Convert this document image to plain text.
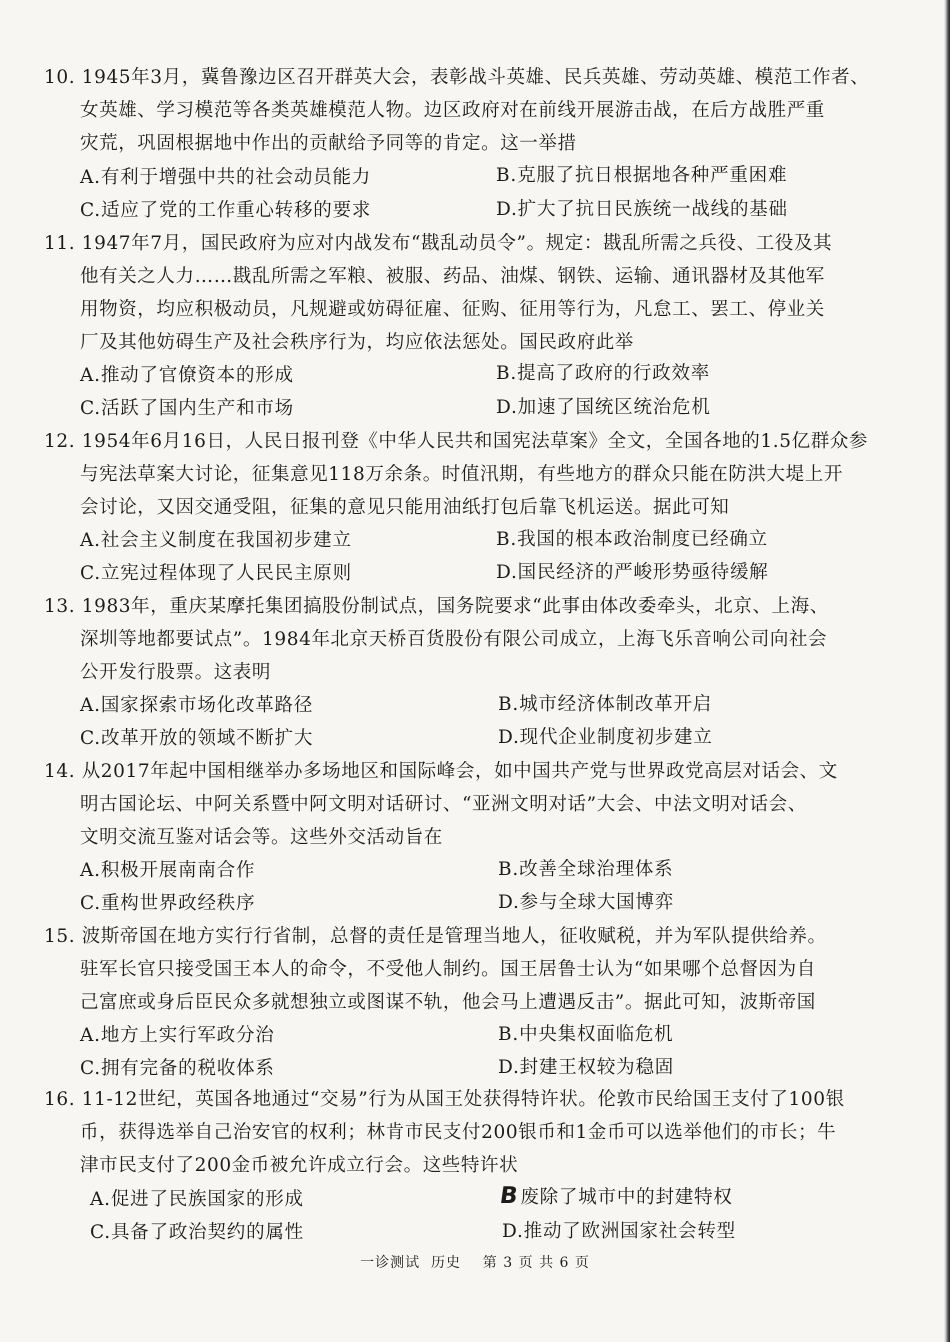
10. 1945年3月，冀鲁豫边区召开群英大会，表彰战斗英雄、民兵英雄、劳动英雄、模范工作者、
女英雄、学习模范等各类英雄模范人物。边区政府对在前线开展游击战，在后方战胜严重
灾荒，巩固根据地中作出的贡献给予同等的肯定。这一举措
A.有利于增强中共的社会动员能力	B.克服了抗日根据地各种严重困难
C.适应了党的工作重心转移的要求	D.扩大了抗日民族统一战线的基础
11. 1947年7月，国民政府为应对内战发布“戡乱动员令”。规定：戡乱所需之兵役、工役及其
他有关之人力……戡乱所需之军粮、被服、药品、油煤、钢铁、运输、通讯器材及其他军
用物资，均应积极动员，凡规避或妨碍征雇、征购、征用等行为，凡怠工、罢工、停业关
厂及其他妨碍生产及社会秩序行为，均应依法惩处。国民政府此举
A.推动了官僚资本的形成	B.提高了政府的行政效率
C.活跃了国内生产和市场	D.加速了国统区统治危机
12. 1954年6月16日，人民日报刊登《中华人民共和国宪法草案》全文，全国各地的1.5亿群众参
与宪法草案大讨论，征集意见118万余条。时值汛期，有些地方的群众只能在防洪大堤上开
会讨论，又因交通受阻，征集的意见只能用油纸打包后靠飞机运送。据此可知
A.社会主义制度在我国初步建立	B.我国的根本政治制度已经确立
C.立宪过程体现了人民民主原则	D.国民经济的严峻形势亟待缓解
13. 1983年，重庆某摩托集团搞股份制试点，国务院要求“此事由体改委牵头，北京、上海、
深圳等地都要试点”。1984年北京天桥百货股份有限公司成立，上海飞乐音响公司向社会
公开发行股票。这表明
A.国家探索市场化改革路径	B.城市经济体制改革开启
C.改革开放的领域不断扩大	D.现代企业制度初步建立
14. 从2017年起中国相继举办多场地区和国际峰会，如中国共产党与世界政党高层对话会、文
明古国论坛、中阿关系暨中阿文明对话研讨、“亚洲文明对话”大会、中法文明对话会、
文明交流互鉴对话会等。这些外交活动旨在
A.积极开展南南合作	B.改善全球治理体系
C.重构世界政经秩序	D.参与全球大国博弈
15. 波斯帝国在地方实行行省制，总督的责任是管理当地人，征收赋税，并为军队提供给养。
驻军长官只接受国王本人的命令，不受他人制约。国王居鲁士认为“如果哪个总督因为自
己富庶或身后臣民众多就想独立或图谋不轨，他会马上遭遇反击”。据此可知，波斯帝国
A.地方上实行军政分治	B.中央集权面临危机
C.拥有完备的税收体系	D.封建王权较为稳固
16. 11-12世纪，英国各地通过“交易”行为从国王处获得特许状。伦敦市民给国王支付了100银
币，获得选举自己治安官的权利；林肯市民支付200银币和1金币可以选举他们的市长；牛
津市民支付了200金币被允许成立行会。这些特许状
A.促进了民族国家的形成	B废除了城市中的封建特权
C.具备了政治契约的属性	D.推动了欧洲国家社会转型
一诊测试  历史    第 3 页 共 6 页
